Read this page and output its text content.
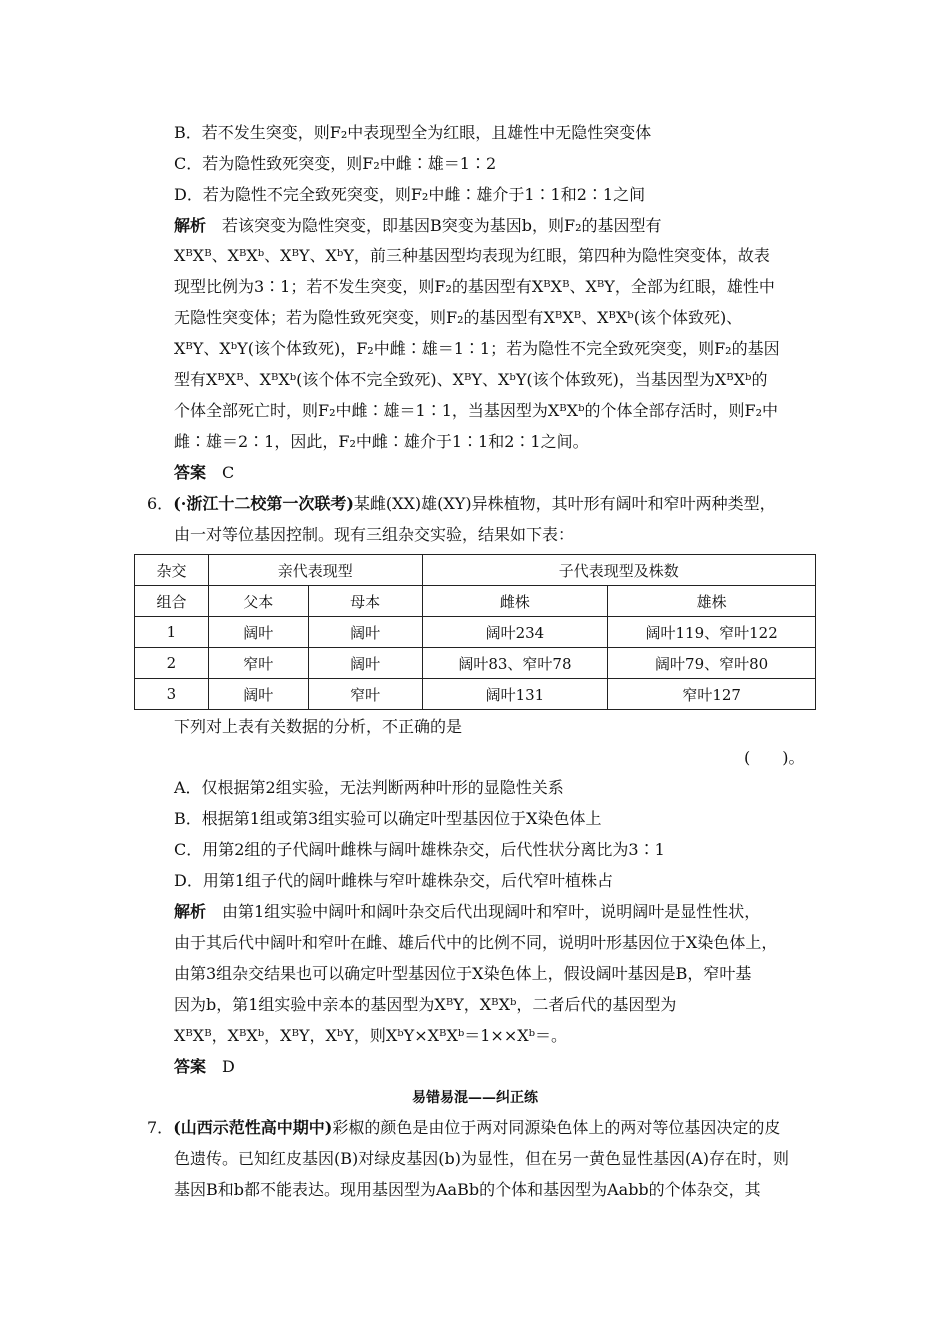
B．若不发生突变，则F₂中表现型全为红眼，且雄性中无隐性突变体
C．若为隐性致死突变，则F₂中雌∶雄＝1∶2
D．若为隐性不完全致死突变，则F₂中雌∶雄介于1∶1和2∶1之间
解析 若该突变为隐性突变，即基因B突变为基因b，则F₂的基因型有
XᴮXᴮ、XᴮXᵇ、XᴮY、XᵇY，前三种基因型均表现为红眼，第四种为隐性突变体，故表
现型比例为3∶1；若不发生突变，则F₂的基因型有XᴮXᴮ、XᴮY，全部为红眼，雄性中
无隐性突变体；若为隐性致死突变，则F₂的基因型有XᴮXᴮ、XᴮXᵇ(该个体致死)、
XᴮY、XᵇY(该个体致死)，F₂中雌∶雄＝1∶1；若为隐性不完全致死突变，则F₂的基因
型有XᴮXᴮ、XᴮXᵇ(该个体不完全致死)、XᴮY、XᵇY(该个体致死)，当基因型为XᴮXᵇ的
个体全部死亡时，则F₂中雌∶雄＝1∶1，当基因型为XᴮXᵇ的个体全部存活时，则F₂中
雌∶雄＝2∶1，因此，F₂中雌∶雄介于1∶1和2∶1之间。
答案 C
6．(·浙江十二校第一次联考)某雌(XX)雄(XY)异株植物，其叶形有阔叶和窄叶两种类型，
由一对等位基因控制。现有三组杂交实验，结果如下表：
杂交	亲代表现型		子代表现型及株数	
组合	父本	母本	雌株	雄株
1	阔叶	阔叶	阔叶234	阔叶119、窄叶122
2	窄叶	阔叶	阔叶83、窄叶78	阔叶79、窄叶80
3	阔叶	窄叶	阔叶131	窄叶127
下列对上表有关数据的分析，不正确的是
(　　)。
A．仅根据第2组实验，无法判断两种叶形的显隐性关系
B．根据第1组或第3组实验可以确定叶型基因位于X染色体上
C．用第2组的子代阔叶雌株与阔叶雄株杂交，后代性状分离比为3∶1
D．用第1组子代的阔叶雌株与窄叶雄株杂交，后代窄叶植株占
解析 由第1组实验中阔叶和阔叶杂交后代出现阔叶和窄叶，说明阔叶是显性性状，
由于其后代中阔叶和窄叶在雌、雄后代中的比例不同，说明叶形基因位于X染色体上，
由第3组杂交结果也可以确定叶型基因位于X染色体上，假设阔叶基因是B，窄叶基
因为b，第1组实验中亲本的基因型为XᴮY，XᴮXᵇ，二者后代的基因型为
XᴮXᴮ，XᴮXᵇ，XᴮY，XᵇY，则XᵇY×XᴮXᵇ＝1××Xᵇ＝。
答案 D
易错易混——纠正练
7．(山西示范性高中期中)彩椒的颜色是由位于两对同源染色体上的两对等位基因决定的皮
色遗传。已知红皮基因(B)对绿皮基因(b)为显性，但在另一黄色显性基因(A)存在时，则
基因B和b都不能表达。现用基因型为AaBb的个体和基因型为Aabb的个体杂交，其
